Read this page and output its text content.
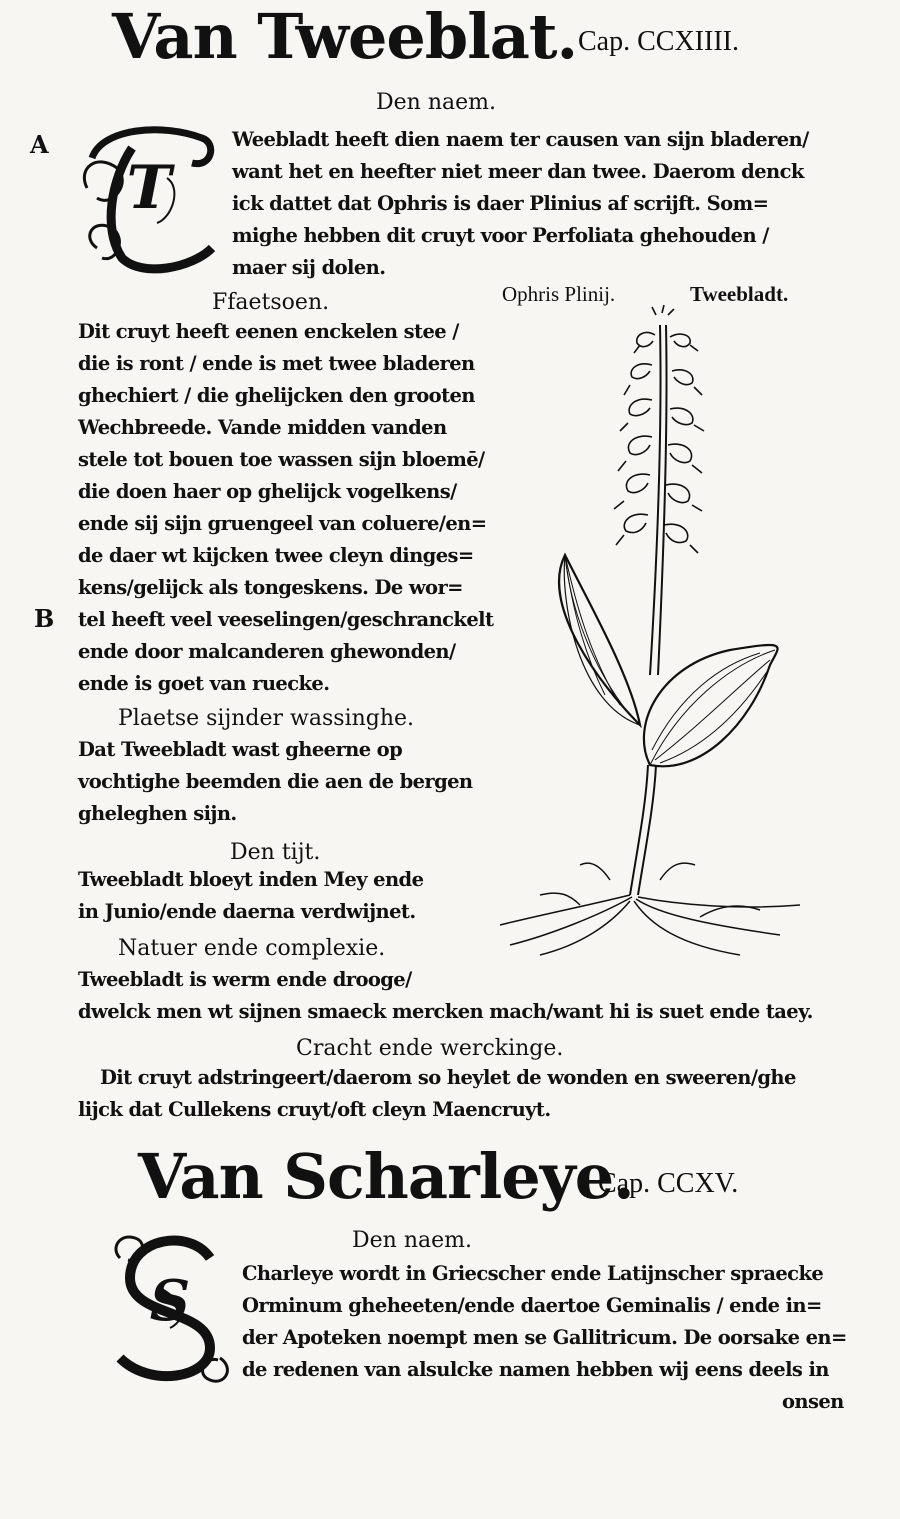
Van Tweeblat. Cap. CCXIIII.
Den naem.
A
T
Weebladt heeft dien naem ter causen van sijn bladeren/
want het en heefter niet meer dan twee. Daerom denck
ick dattet dat Ophris is daer Plinius af scrijft. Som=
mighe hebben dit cruyt voor Perfoliata ghehouden /
maer sij dolen.
Ffaetsoen.	Ophris Plinij.	Tweebladt.
Dit cruyt heeft eenen enckelen stee /
die is ront / ende is met twee bladeren
ghechiert / die ghelijcken den grooten
Wechbreede. Vande midden vanden
stele tot bouen toe wassen sijn bloemē/
die doen haer op ghelijck vogelkens/
ende sij sijn gruengeel van coluere/en=
de daer wt kijcken twee cleyn dinges=
kens/gelijck als tongeskens. De wor=
B tel heeft veel veeselingen/geschranckelt
ende door malcanderen ghewonden/
ende is goet van ruecke.
Plaetse sijnder wassinghe.
Dat Tweebladt wast gheerne op
vochtighe beemden die aen de bergen
gheleghen sijn.
Den tijt.
Tweebladt bloeyt inden Mey ende
in Junio/ende daerna verdwijnet.
Natuer ende complexie.
Tweebladt is werm ende drooge/
dwelck men wt sijnen smaeck mercken mach/want hi is suet ende taey.
Cracht ende werckinge.
Dit cruyt adstringeert/daerom so heylet de wonden en sweeren/ghe
lijck dat Cullekens cruyt/oft cleyn Maencruyt.
Van Scharleye.
Cap. CCXV.
Den naem.
S	Charleye wordt in Griecscher ende Latijnscher spraecke
Orminum gheheeten/ende daertoe Geminalis / ende in=
der Apoteken noempt men se Gallitricum. De oorsake en=
de redenen van alsulcke namen hebben wij eens deels in
onsen
